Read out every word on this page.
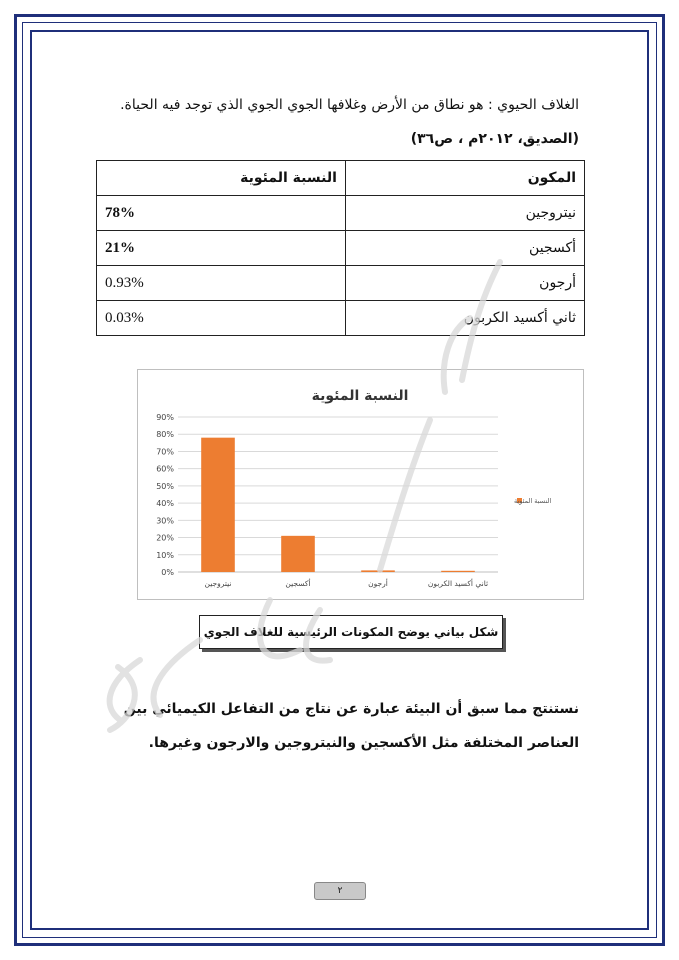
الغلاف الحيوي : هو نطاق من الأرض وغلافها الجوي الجوي الذي توجد فيه الحياة.(الصديق، ٢٠١٢م ، ص٣٦)
المكون	النسبة المئوية
نيتروجين	78%
أكسجين	21%
أرجون	0.93%
ثاني أكسيد الكربون	0.03%
النسبة المئوية
0%
10%
20%
30%
40%
50%
60%
70%
80%
90%
نيتروجين	أكسجين	أرجون	ثاني أكسيد الكربون
النسبة المئوية
شكل بياني يوضح المكونات الرئيسية للغلاف الجوي
نستنتج مما سبق أن البيئة عبارة عن نتاج من التفاعل الكيميائي بين العناصر المختلفة مثل الأكسجين والنيتروجين والارجون وغيرها.
٢
